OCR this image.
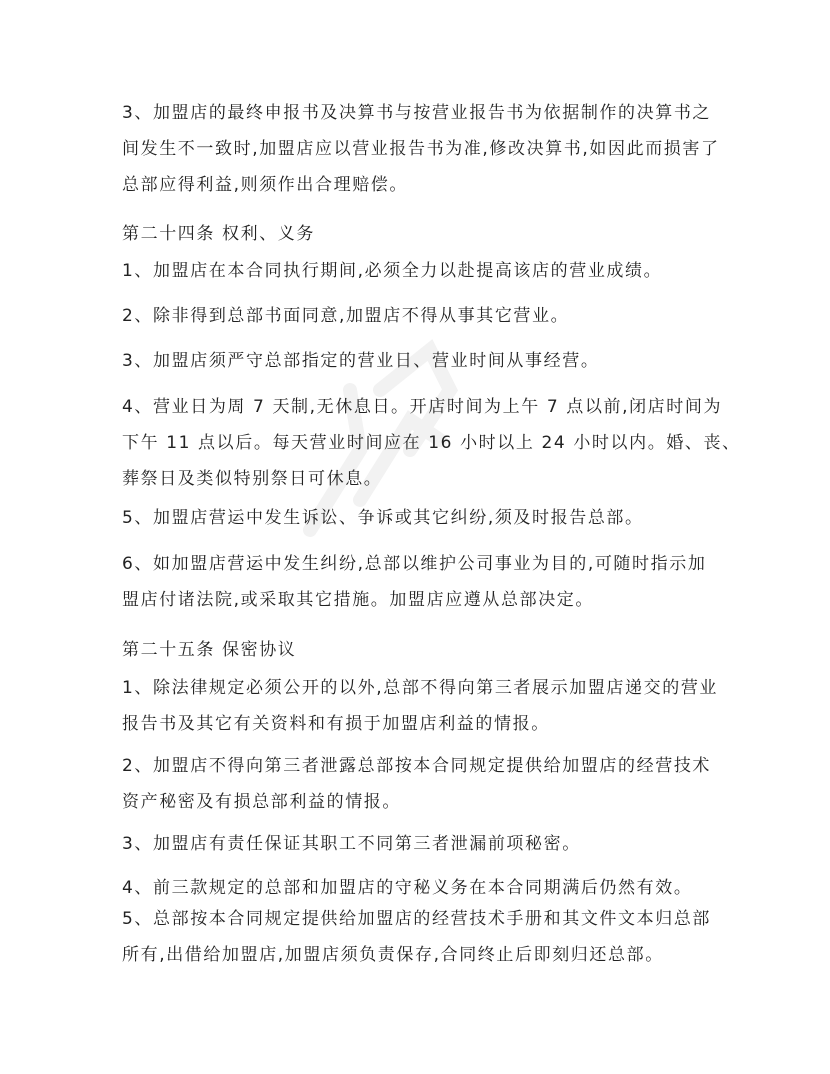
3、加盟店的最终申报书及决算书与按营业报告书为依据制作的决算书之
间发生不一致时,加盟店应以营业报告书为准,修改决算书,如因此而损害了
总部应得利益,则须作出合理赔偿。
第二十四条 权利、义务
1、加盟店在本合同执行期间,必须全力以赴提高该店的营业成绩。
2、除非得到总部书面同意,加盟店不得从事其它营业。
3、加盟店须严守总部指定的营业日、营业时间从事经营。
4、营业日为周 7 天制,无休息日。开店时间为上午 7 点以前,闭店时间为
下午 11 点以后。每天营业时间应在 16 小时以上 24 小时以内。婚、丧、
葬祭日及类似特别祭日可休息。
5、加盟店营运中发生诉讼、争诉或其它纠纷,须及时报告总部。
6、如加盟店营运中发生纠纷,总部以维护公司事业为目的,可随时指示加
盟店付诸法院,或采取其它措施。加盟店应遵从总部决定。
第二十五条 保密协议
1、除法律规定必须公开的以外,总部不得向第三者展示加盟店递交的营业
报告书及其它有关资料和有损于加盟店利益的情报。
2、加盟店不得向第三者泄露总部按本合同规定提供给加盟店的经营技术
资产秘密及有损总部利益的情报。
3、加盟店有责任保证其职工不同第三者泄漏前项秘密。
4、前三款规定的总部和加盟店的守秘义务在本合同期满后仍然有效。
5、总部按本合同规定提供给加盟店的经营技术手册和其文件文本归总部
所有,出借给加盟店,加盟店须负责保存,合同终止后即刻归还总部。
